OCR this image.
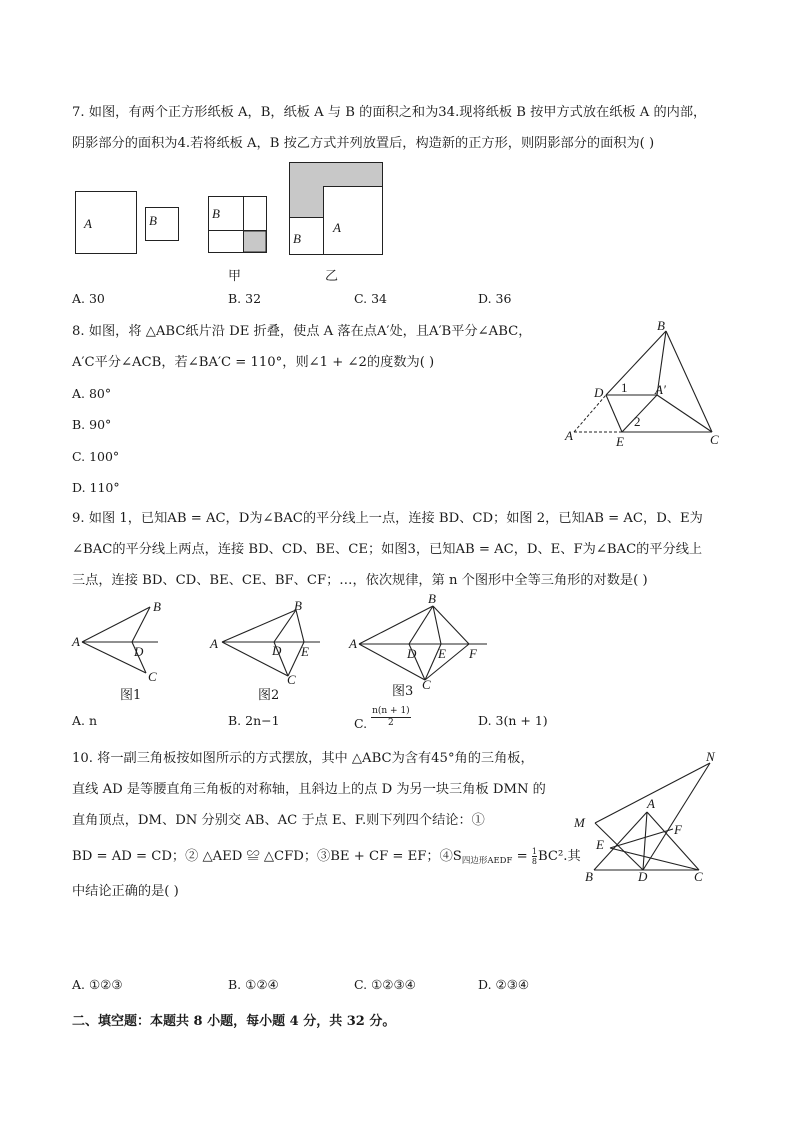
7. 如图，有两个正方形纸板 A，B，纸板 A 与 B 的面积之和为34.现将纸板 B 按甲方式放在纸板 A 的内部，
阴影部分的面积为4.若将纸板 A，B 按乙方式并列放置后，构造新的正方形，则阴影部分的面积为( )
A	B	B
甲
B
A
乙
A. 30	B. 32	C. 34	D. 36
8. 如图，将 △ABC纸片沿 DE 折叠，使点 A 落在点A′处，且A′B平分∠ABC，
A′C平分∠ACB，若∠BA′C = 110°，则∠1 + ∠2的度数为( )
A. 80°
B. 90°
C. 100°
D. 110°
B
D 1 A′
2
A	E	C
9. 如图 1，已知AB = AC，D为∠BAC的平分线上一点，连接 BD、CD；如图 2，已知AB = AC，D、E为
∠BAC的平分线上两点，连接 BD、CD、BE、CE；如图3，已知AB = AC，D、E、F为∠BAC的平分线上
三点，连接 BD、CD、BE、CE、BF、CF；…，依次规律，第 n 个图形中全等三角形的对数是( )
A
B
C
D
图1
A
B
C
D E
图2
A
B
C
D E F
图3
A. n	B. 2n−1	C. $\frac{n(n + 1)}{2}$	D. 3(n + 1)
10. 将一副三角板按如图所示的方式摆放，其中 △ABC为含有45°角的三角板，
直线 AD 是等腰直角三角板的对称轴，且斜边上的点 D 为另一块三角板 DMN 的
直角顶点，DM、DN 分别交 AB、AC 于点 E、F.则下列四个结论：①
BD = AD = CD；② △AED ≌ △CFD；③BE + CF = EF；$④S_{四边形AEDF} = \frac{1}{8} BC^2$.其
中结论正确的是( )
N
A
M	F
E
B	D	C
A. ①②③	B. ①②④	C. ①②③④	D. ②③④
二、填空题：本题共 8 小题，每小题 4 分，共 32 分。
